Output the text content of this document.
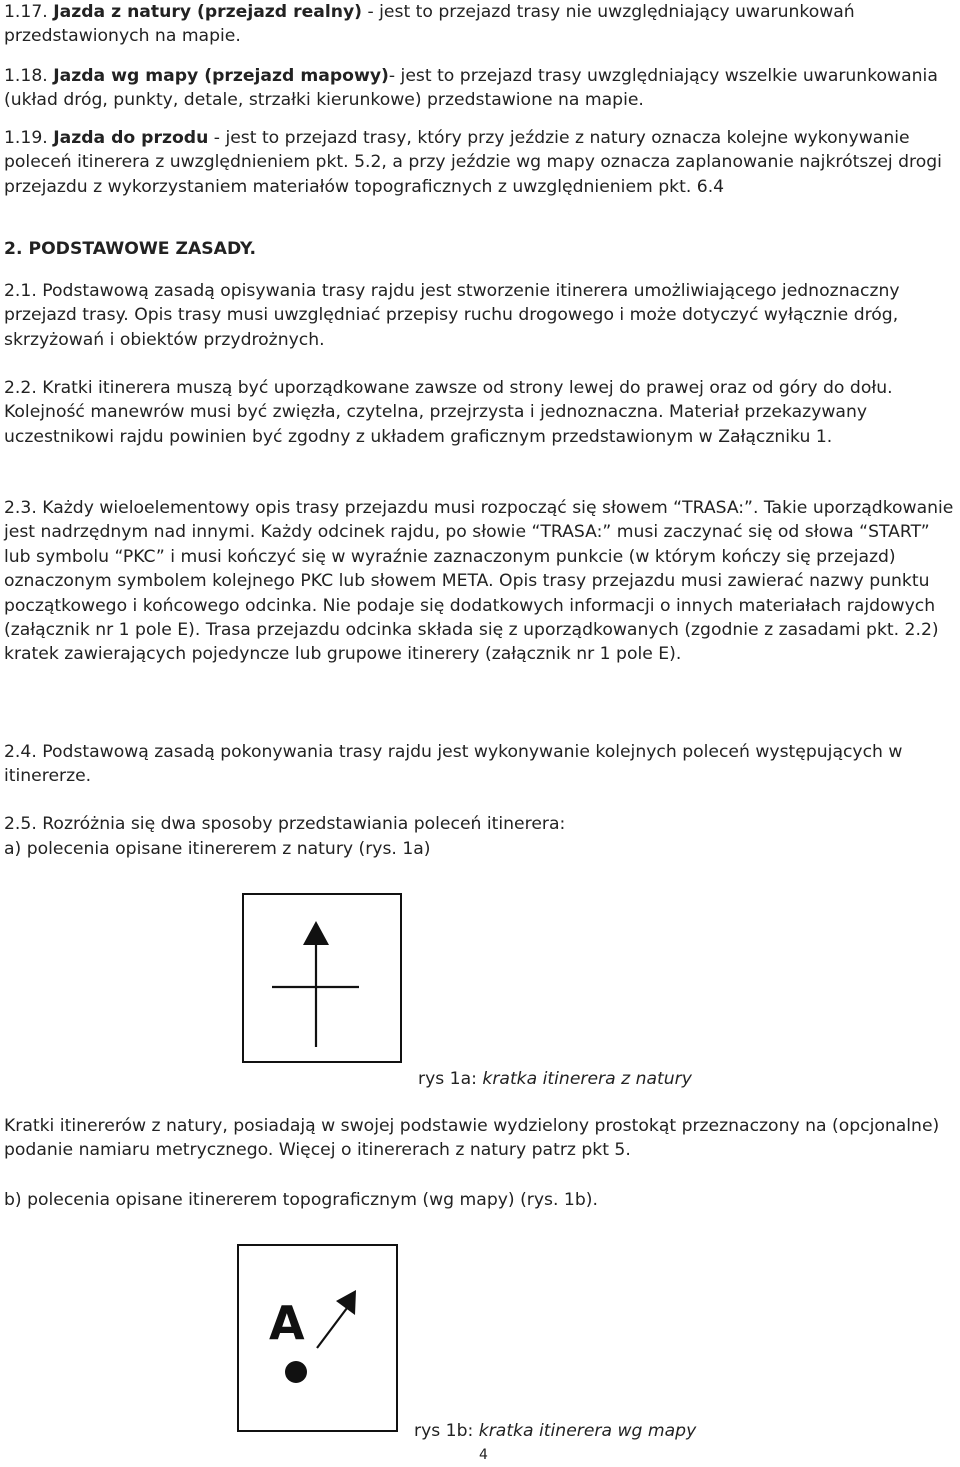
1.17. Jazda z natury (przejazd realny) - jest to przejazd trasy nie uwzględniający uwarunkowań przedstawionych na mapie.

1.18. Jazda wg mapy (przejazd mapowy)- jest to przejazd trasy uwzględniający wszelkie uwarunkowania (układ dróg, punkty, detale, strzałki kierunkowe) przedstawione na mapie.

1.19. Jazda do przodu - jest to przejazd trasy, który przy jeździe z natury oznacza kolejne wykonywanie poleceń itinerera z uwzględnieniem pkt. 5.2, a przy jeździe wg mapy oznacza zaplanowanie najkrótszej drogi przejazdu z wykorzystaniem materiałów topograficznych z uwzględnieniem pkt. 6.4

2. PODSTAWOWE ZASADY.

2.1. Podstawową zasadą opisywania trasy rajdu jest stworzenie itinerera umożliwiającego jednoznaczny przejazd trasy. Opis trasy musi uwzględniać przepisy ruchu drogowego i może dotyczyć wyłącznie dróg, skrzyżowań i obiektów przydrożnych.

2.2. Kratki itinerera muszą być uporządkowane zawsze od strony lewej do prawej oraz od góry do dołu. Kolejność manewrów musi być zwięzła, czytelna, przejrzysta i jednoznaczna. Materiał przekazywany uczestnikowi rajdu powinien być zgodny z układem graficznym przedstawionym w Załączniku 1.

2.3. Każdy wieloelementowy opis trasy przejazdu musi rozpocząć się słowem “TRASA:”. Takie uporządkowanie jest nadrzędnym nad innymi. Każdy odcinek rajdu, po słowie “TRASA:” musi zaczynać się od słowa “START” lub symbolu “PKC” i musi kończyć się w wyraźnie zaznaczonym punkcie (w którym kończy się przejazd) oznaczonym symbolem kolejnego PKC lub słowem META. Opis trasy przejazdu musi zawierać nazwy punktu początkowego i końcowego odcinka. Nie podaje się dodatkowych informacji o innych materiałach rajdowych (załącznik nr 1 pole E). Trasa przejazdu odcinka składa się z uporządkowanych (zgodnie z zasadami pkt. 2.2) kratek zawierających pojedyncze lub grupowe itinerery (załącznik nr 1 pole E).

2.4. Podstawową zasadą pokonywania trasy rajdu jest wykonywanie kolejnych poleceń występujących w itinererze.

2.5. Rozróżnia się dwa sposoby przedstawiania poleceń itinerera:

a) polecenia opisane itinererem z natury (rys. 1a)

rys 1a: kratka itinerera z natury

Kratki itinererów z natury, posiadają w swojej podstawie wydzielony prostokąt przeznaczony na (opcjonalne) podanie namiaru metrycznego. Więcej o itinererach z natury patrz pkt 5.

b) polecenia opisane itinererem topograficznym (wg mapy) (rys. 1b).

A
rys 1b: kratka itinerera wg mapy
4
